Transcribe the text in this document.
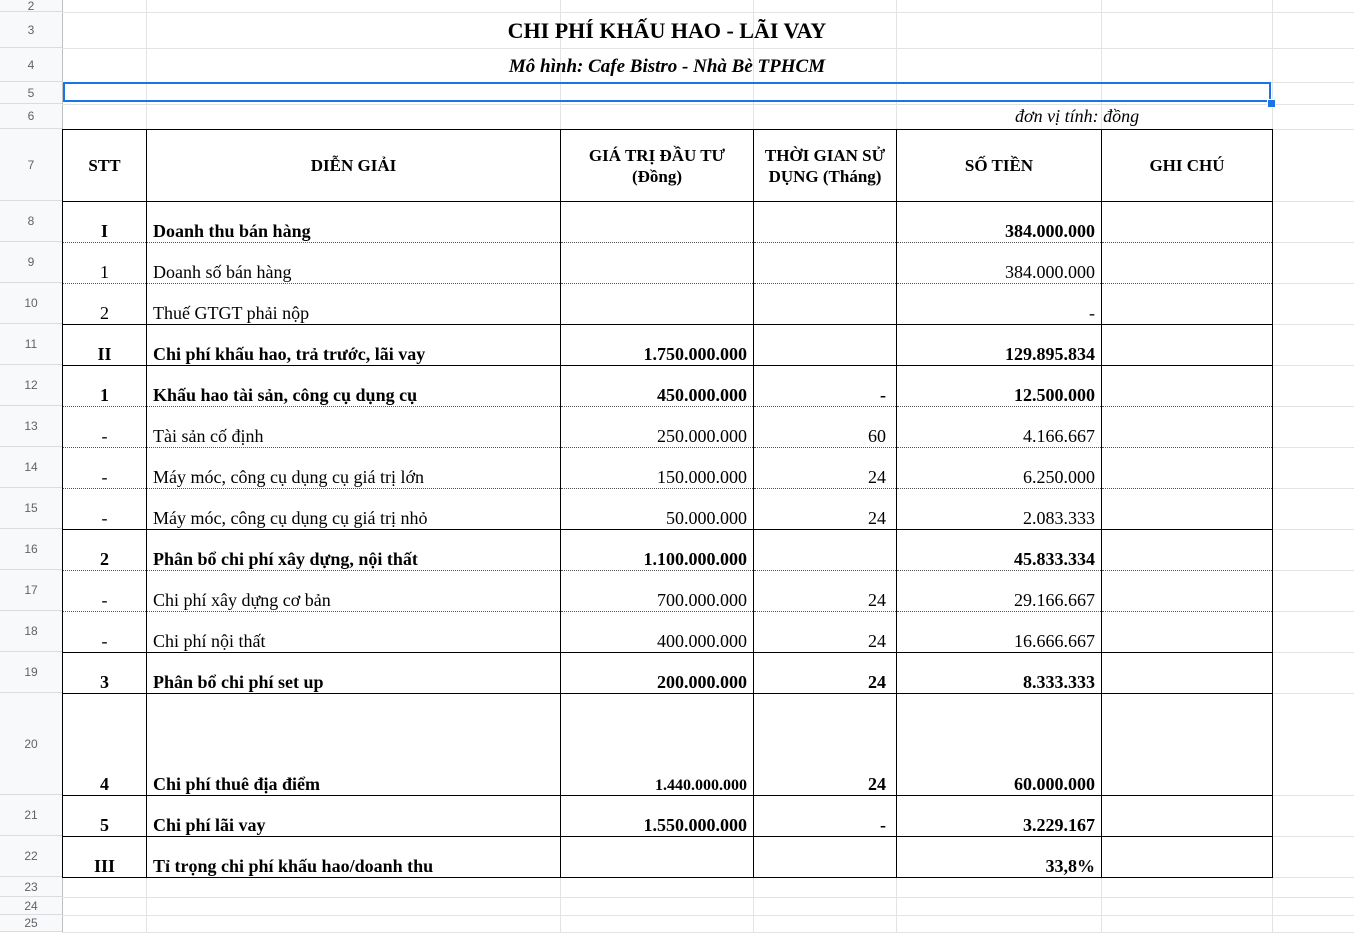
2
3
4
5
6
7
8
9
10
11
12
13
14
15
16
17
18
19
20
21
22
23
24
25
CHI PHÍ KHẤU HAO - LÃI VAY
Mô hình: Cafe Bistro - Nhà Bè TPHCM
đơn vị tính: đồng
STT	DIỄN GIẢI	GIÁ TRỊ ĐẦU TƯ (Đồng)	THỜI GIAN SỬ DỤNG (Tháng)	SỐ TIỀN	GHI CHÚ
I	Doanh thu bán hàng			384.000.000	
1	Doanh số bán hàng			384.000.000	
2	Thuế GTGT phải nộp			-	
II	Chi phí khấu hao, trả trước, lãi vay	1.750.000.000		129.895.834	
1	Khấu hao tài sản, công cụ dụng cụ	450.000.000	-	12.500.000	
-	Tài sản cố định	250.000.000	60	4.166.667	
-	Máy móc, công cụ dụng cụ giá trị lớn	150.000.000	24	6.250.000	
-	Máy móc, công cụ dụng cụ giá trị nhỏ	50.000.000	24	2.083.333	
2	Phân bổ chi phí xây dựng, nội thất	1.100.000.000		45.833.334	
-	Chi phí xây dựng cơ bản	700.000.000	24	29.166.667	
-	Chi phí nội thất	400.000.000	24	16.666.667	
3	Phân bổ chi phí set up	200.000.000	24	8.333.333	
4	Chi phí thuê địa điểm	1.440.000.000	24	60.000.000	
5	Chi phí lãi vay	1.550.000.000	-	3.229.167	
III	Tỉ trọng chi phí khấu hao/doanh thu			33,8%	
